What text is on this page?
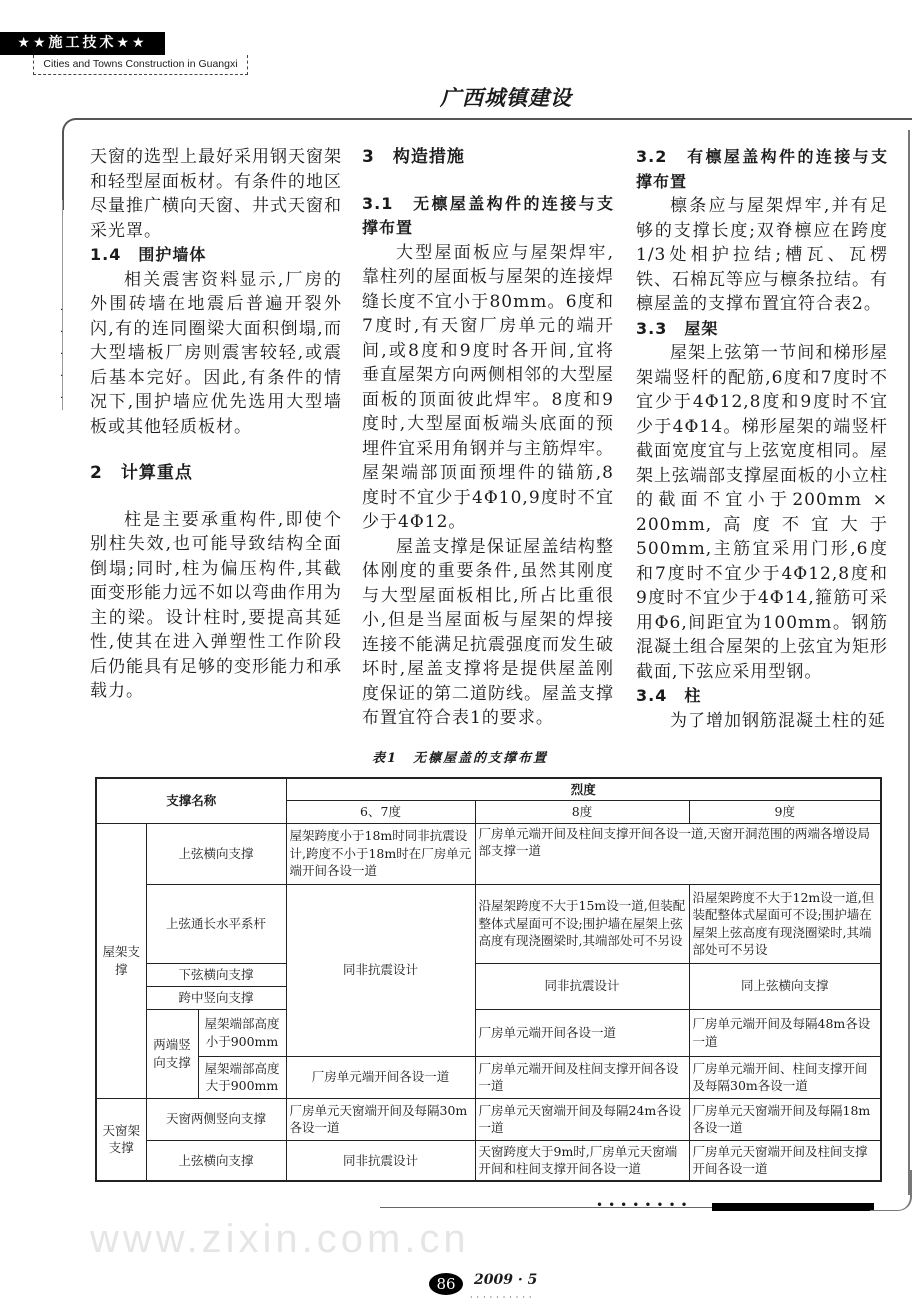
★★施工技术★★
Cities and Towns Construction in Guangxi
广西城镇建设
·
·
·
·
·
天窗的选型上最好采用钢天窗架和轻型屋面板材。有条件的地区尽量推广横向天窗、井式天窗和采光罩。
1.4　围护墙体

相关震害资料显示,厂房的外围砖墙在地震后普遍开裂外闪,有的连同圈梁大面积倒塌,而大型墙板厂房则震害较轻,或震后基本完好。因此,有条件的情况下,围护墙应优先选用大型墙板或其他轻质板材。

2　计算重点

柱是主要承重构件,即使个别柱失效,也可能导致结构全面倒塌;同时,柱为偏压构件,其截面变形能力远不如以弯曲作用为主的梁。设计柱时,要提高其延性,使其在进入弹塑性工作阶段后仍能具有足够的变形能力和承载力。

3　构造措施
3.1　无檩屋盖构件的连接与支撑布置

大型屋面板应与屋架焊牢,靠柱列的屋面板与屋架的连接焊缝长度不宜小于80mm。6度和7度时,有天窗厂房单元的端开间,或8度和9度时各开间,宜将垂直屋架方向两侧相邻的大型屋面板的顶面彼此焊牢。8度和9度时,大型屋面板端头底面的预埋件宜采用角钢并与主筋焊牢。屋架端部顶面预埋件的锚筋,8度时不宜少于4Φ10,9度时不宜少于4Φ12。

屋盖支撑是保证屋盖结构整体刚度的重要条件,虽然其刚度与大型屋面板相比,所占比重很小,但是当屋面板与屋架的焊接连接不能满足抗震强度而发生破坏时,屋盖支撑将是提供屋盖刚度保证的第二道防线。屋盖支撑布置宜符合表1的要求。

3.2　有檩屋盖构件的连接与支撑布置

檩条应与屋架焊牢,并有足够的支撑长度;双脊檩应在跨度1/3处相护拉结;槽瓦、瓦楞铁、石棉瓦等应与檩条拉结。有檩屋盖的支撑布置宜符合表2。

3.3　屋架

屋架上弦第一节间和梯形屋架端竖杆的配筋,6度和7度时不宜少于4Φ12,8度和9度时不宜少于4Φ14。梯形屋架的端竖杆截面宽度宜与上弦宽度相同。屋架上弦端部支撑屋面板的小立柱的截面不宜小于200mm × 200mm,高度不宜大于500mm,主筋宜采用门形,6度和7度时不宜少于4Φ12,8度和9度时不宜少于4Φ14,箍筋可采用Φ6,间距宜为100mm。钢筋混凝土组合屋架的上弦宜为矩形截面,下弦应采用型钢。

3.4　柱

为了增加钢筋混凝土柱的延

表1　无檩屋盖的支撑布置
支撑名称			烈度		
			6、7度	8度	9度
屋架支撑	上弦横向支撑		屋架跨度小于18m时同非抗震设计,跨度不小于18m时在厂房单元端开间各设一道	厂房单元端开间及柱间支撑开间各设一道,天窗开洞范围的两端各增设局部支撑一道	
	上弦通长水平系杆		同非抗震设计	沿屋架跨度不大于15m设一道,但装配整体式屋面可不设;围护墙在屋架上弦高度有现浇圈梁时,其端部处可不另设	沿屋架跨度不大于12m设一道,但装配整体式屋面可不设;围护墙在屋架上弦高度有现浇圈梁时,其端部处可不另设
	下弦横向支撑			同非抗震设计	同上弦横向支撑
	跨中竖向支撑				
	两端竖向支撑	屋架端部高度小于900mm		厂房单元端开间各设一道	厂房单元端开间及每隔48m各设一道
		屋架端部高度大于900mm	厂房单元端开间各设一道	厂房单元端开间及柱间支撑开间各设一道	厂房单元端开间、柱间支撑开间及每隔30m各设一道
天窗架支撑	天窗两侧竖向支撑		厂房单元天窗端开间及每隔30m各设一道	厂房单元天窗端开间及每隔24m各设一道	厂房单元天窗端开间及每隔18m各设一道
	上弦横向支撑		同非抗震设计	天窗跨度大于9m时,厂房单元天窗端开间和柱间支撑开间各设一道	厂房单元天窗端开间及柱间支撑开间各设一道
••••••••
www.zixin.com.cn
86	2009 · 5
··········
